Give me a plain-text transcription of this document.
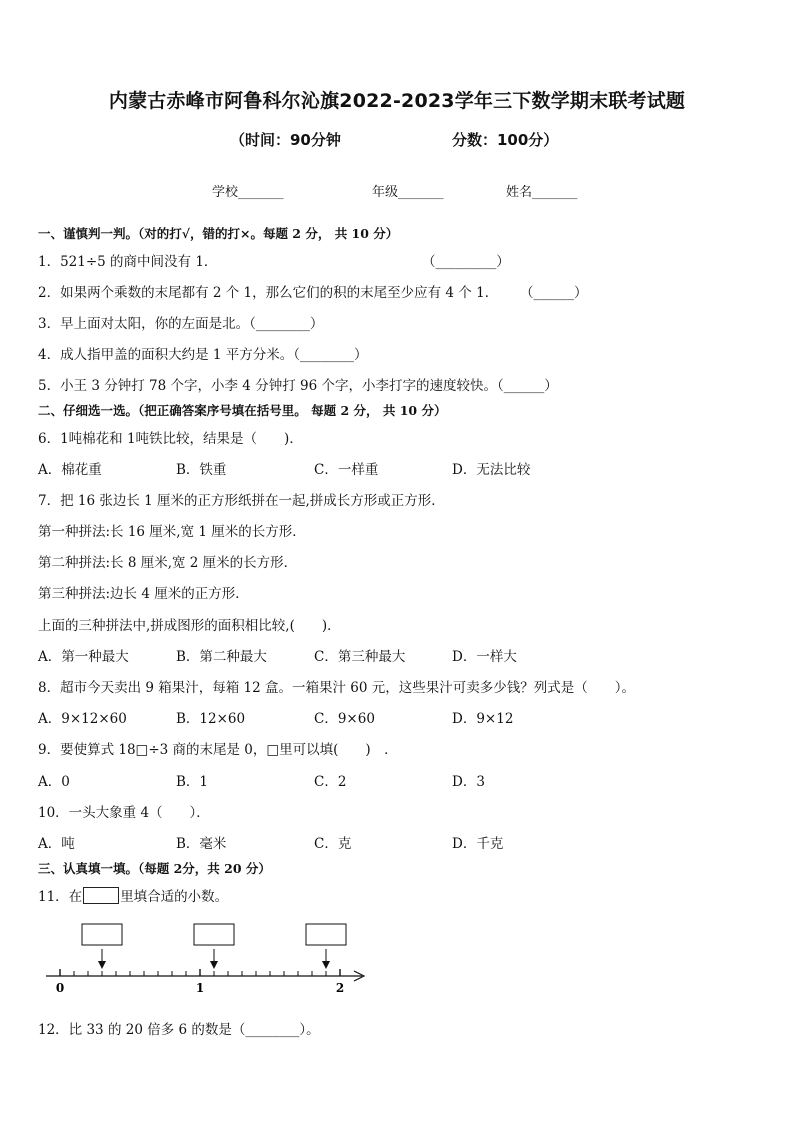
内蒙古赤峰市阿鲁科尔沁旗2022-2023学年三下数学期末联考试题
（时间：90分钟	分数：100分）
学校_______	年级_______	姓名_______
一、谨慎判一判。（对的打√，错的打×。每题 2 分， 共 10 分）
1．521÷5 的商中间没有 1．	（_________）
2．如果两个乘数的末尾都有 2 个 1，那么它们的积的末尾至少应有 4 个 1． （______）
3．早上面对太阳，你的左面是北。（________）
4．成人指甲盖的面积大约是 1 平方分米。（________）
5．小王 3 分钟打 78 个字，小李 4 分钟打 96 个字，小李打字的速度较快。（______）
二、仔细选一选。（把正确答案序号填在括号里。 每题 2 分， 共 10 分）
6．1吨棉花和 1吨铁比较，结果是（　　)．
A．棉花重	B．铁重	C．一样重	D．无法比较
7．把 16 张边长 1 厘米的正方形纸拼在一起,拼成长方形或正方形．
第一种拼法:长 16 厘米,宽 1 厘米的长方形．
第二种拼法:长 8 厘米,宽 2 厘米的长方形．
第三种拼法:边长 4 厘米的正方形．
上面的三种拼法中,拼成图形的面积相比较,(　　)．
A．第一种最大	B．第二种最大	C．第三种最大	D．一样大
8．超市今天卖出 9 箱果汁，每箱 12 盒。一箱果汁 60 元，这些果汁可卖多少钱？列式是（　　）。
A．9×12×60	B．12×60	C．9×60	D．9×12
9．要使算式 18□÷3 商的末尾是 0，□里可以填(　　)　．
A．0	B．1	C．2	D．3
10．一头大象重 4（　　）．
A．吨	B．毫米	C．克	D．千克
三、认真填一填。（每题 2分，共 20 分）
11．在	里填合适的小数。
0	1	2
12．比 33 的 20 倍多 6 的数是（________）。
